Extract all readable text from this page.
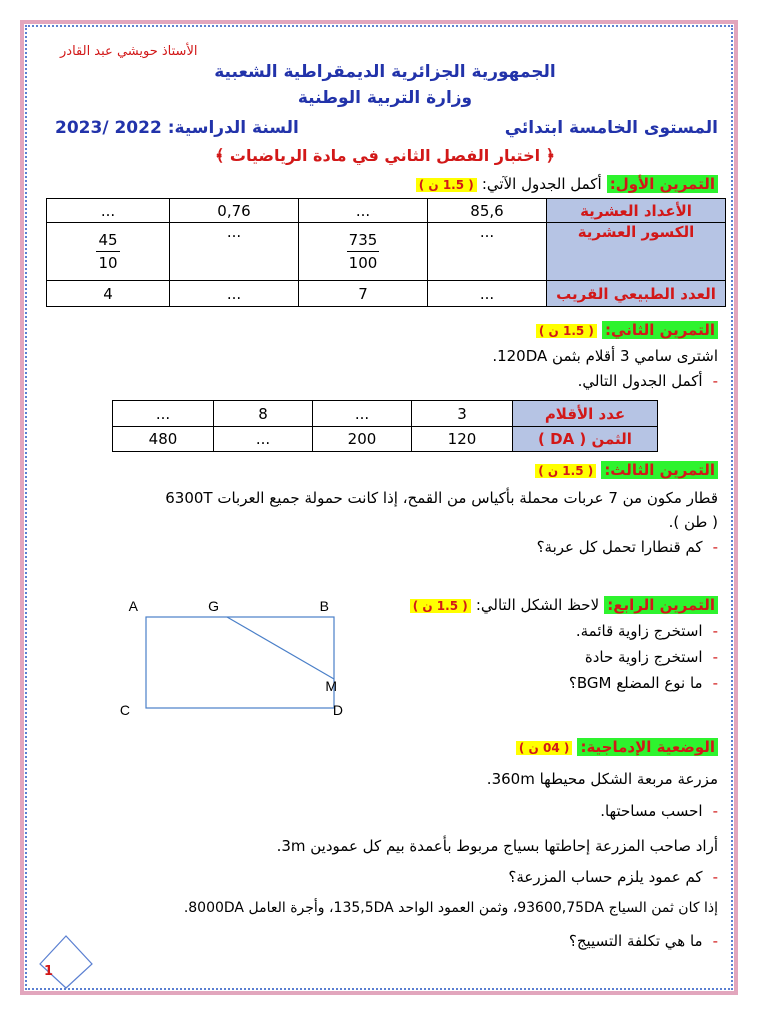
الأستاذ حويشي عبد القادر
الجمهورية الجزائرية الديمقراطية الشعبية
وزارة التربية الوطنية
المستوى الخامسة ابتدائي
السنة الدراسية: 2022 /2023
﴿ اختبار الفصل الثاني في مادة الرياضيات ﴾
التمرين الأول: أكمل الجدول الآتي: ( 1.5 ن )
الأعداد العشرية	85,6	...	0,76	...
الكسور العشرية	...	$\frac{735}{100}$	...	$\frac{45}{10}$

العدد الطبيعي القريب	...	7	...	4
التمرين الثاني: ( 1.5 ن )
اشترى سامي 3 أقلام بثمن 120DA.
-أكمل الجدول التالي.
عدد الأقلام	3	...	8	...
الثمن ( DA )	120	200	...	480
التمرين الثالث: ( 1.5 ن )
قطار مكون من 7 عربات محملة بأكياس من القمح، إذا كانت حمولة جميع العربات 6300T
( طن ).
-كم قنطارا تحمل كل عربة؟
التمرين الرابع: لاحظ الشكل التالي: ( 1.5 ن )
-استخرج زاوية قائمة.
-استخرج زاوية حادة
-ما نوع المضلع BGM؟
A	G	B
M
C	D
الوضعية الإدماجية: ( 04 ن )
مزرعة مربعة الشكل محيطها 360m.
-احسب مساحتها.
أراد صاحب المزرعة إحاطتها بسياج مربوط بأعمدة بيم كل عمودين 3m.
-كم عمود يلزم حساب المزرعة؟
إذا كان ثمن السياج 93600,75DA، وثمن العمود الواحد 135,5DA، وأجرة العامل 8000DA.
-ما هي تكلفة التسييج؟
1
